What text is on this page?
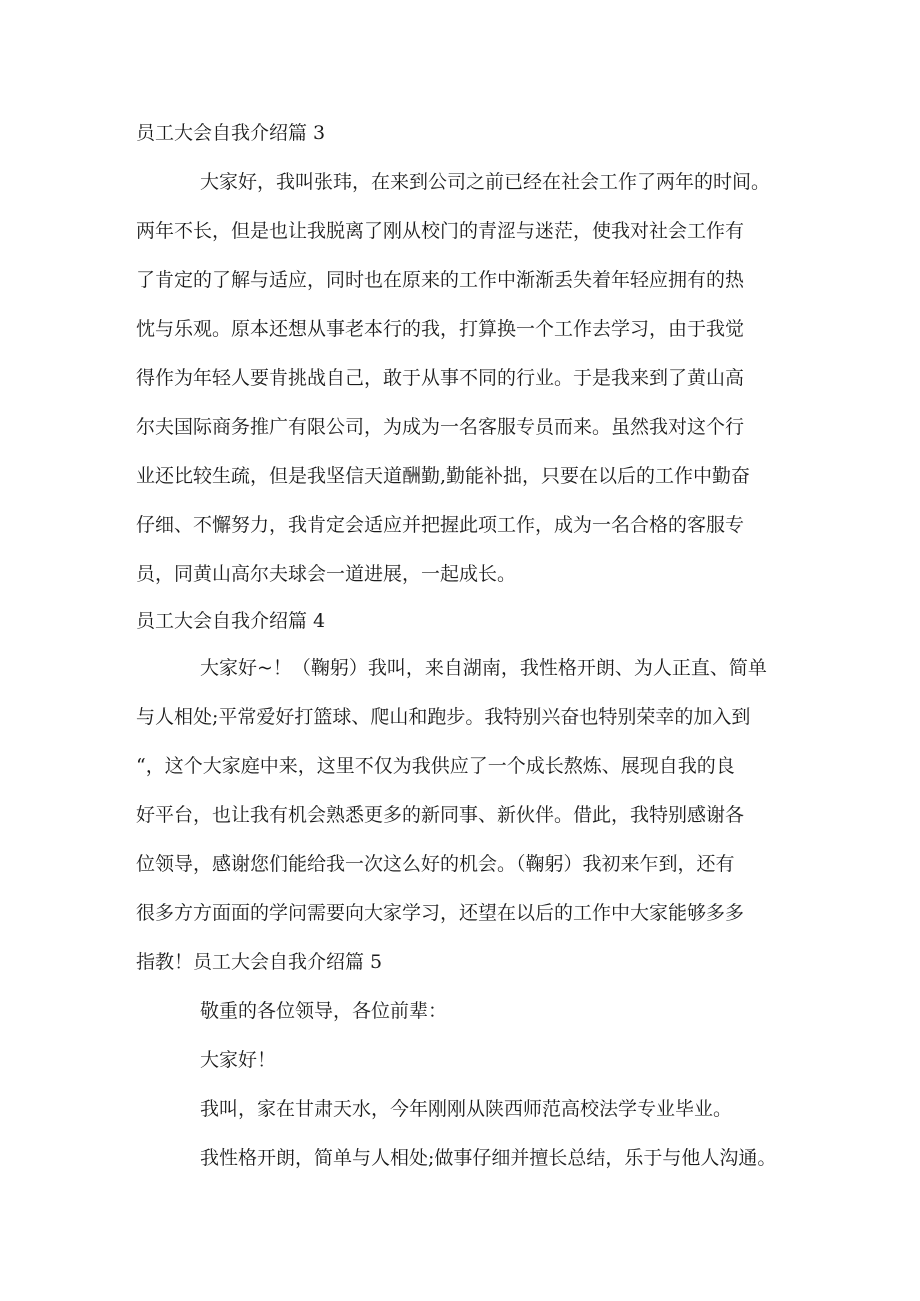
员工大会自我介绍篇 3
大家好，我叫张玮，在来到公司之前已经在社会工作了两年的时间。
两年不长，但是也让我脱离了刚从校门的青涩与迷茫，使我对社会工作有
了肯定的了解与适应，同时也在原来的工作中渐渐丢失着年轻应拥有的热
忱与乐观。原本还想从事老本行的我，打算换一个工作去学习，由于我觉
得作为年轻人要肯挑战自己，敢于从事不同的行业。于是我来到了黄山高
尔夫国际商务推广有限公司，为成为一名客服专员而来。虽然我对这个行
业还比较生疏，但是我坚信天道酬勤,勤能补拙，只要在以后的工作中勤奋
仔细、不懈努力，我肯定会适应并把握此项工作，成为一名合格的客服专
员，同黄山高尔夫球会一道进展，一起成长。
员工大会自我介绍篇 4
大家好~！（鞠躬）我叫，来自湖南，我性格开朗、为人正直、简单
与人相处;平常爱好打篮球、爬山和跑步。我特别兴奋也特别荣幸的加入到
“，这个大家庭中来，这里不仅为我供应了一个成长熬炼、展现自我的良
好平台，也让我有机会熟悉更多的新同事、新伙伴。借此，我特别感谢各
位领导，感谢您们能给我一次这么好的机会。（鞠躬）我初来乍到，还有
很多方方面面的学问需要向大家学习，还望在以后的工作中大家能够多多
指教！员工大会自我介绍篇 5
敬重的各位领导，各位前辈：
大家好！
我叫，家在甘肃天水，今年刚刚从陕西师范高校法学专业毕业。
我性格开朗，简单与人相处;做事仔细并擅长总结，乐于与他人沟通。
